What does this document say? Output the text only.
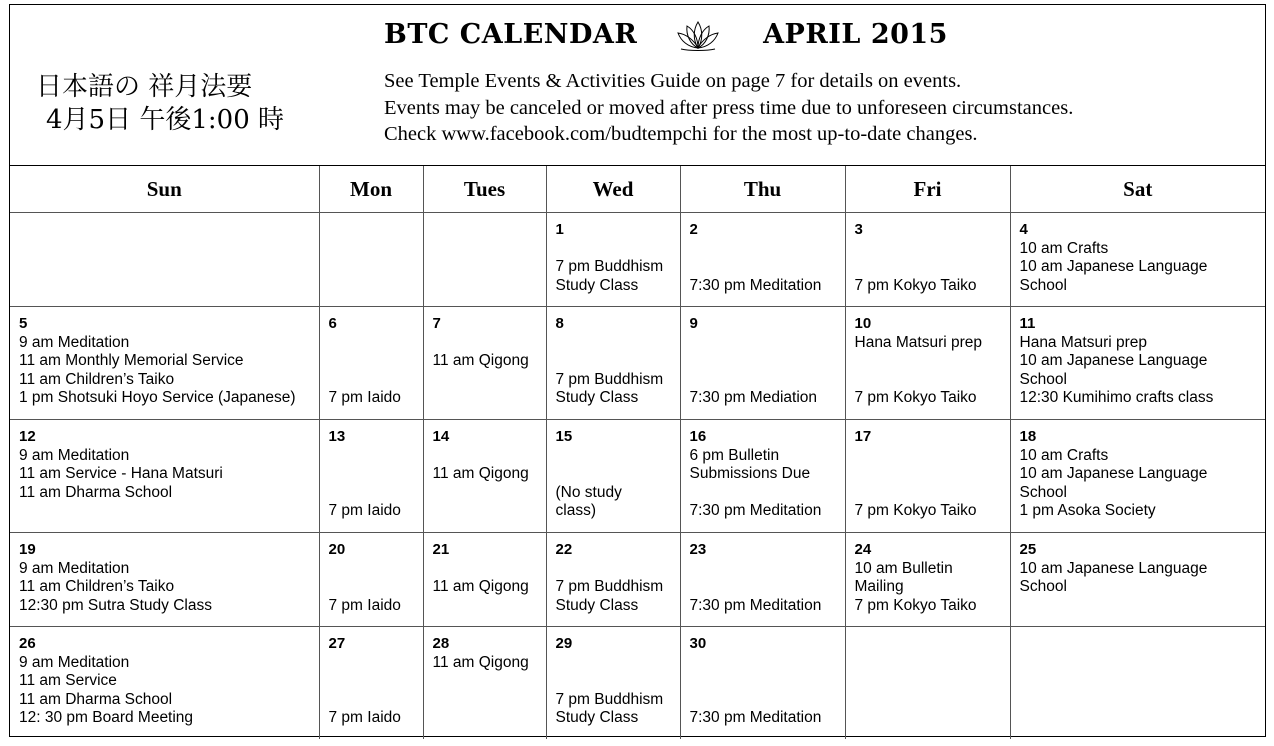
BTC CALENDAR	APRIL 2015
日本語の 祥月法要
4月5日 午後1:00 時
See Temple Events & Activities Guide on page 7 for details on events.
Events may be canceled or moved after press time due to unforeseen circumstances.
Check www.facebook.com/budtempchi for the most up-to-date changes.
Sun	Mon	Tues	Wed	Thu	Fri	Sat

			1
7 pm Buddhism
Study Class	2
7:30 pm Meditation	3
7 pm Kokyo Taiko	4
10 am Crafts
10 am Japanese Language
School

5
9 am Meditation
11 am Monthly Memorial Service
11 am Children’s Taiko
1 pm Shotsuki Hoyo Service (Japanese)	6
7 pm Iaido	7
11 am Qigong	8
7 pm Buddhism
Study Class	9
7:30 pm Mediation	10
Hana Matsuri prep
7 pm Kokyo Taiko	11
Hana Matsuri prep
10 am Japanese Language
School
12:30 Kumihimo crafts class

12
9 am Meditation
11 am Service - Hana Matsuri
11 am Dharma School	13
7 pm Iaido	14
11 am Qigong	15
(No study
class)	16
6 pm Bulletin
Submissions Due
7:30 pm Meditation	17
7 pm Kokyo Taiko	18
10 am Crafts
10 am Japanese Language
School
1 pm Asoka Society

19
9 am Meditation
11 am Children’s Taiko
12:30 pm Sutra Study Class	20
7 pm Iaido	21
11 am Qigong	22
7 pm Buddhism
Study Class	23
7:30 pm Meditation	24
10 am Bulletin
Mailing
7 pm Kokyo Taiko	25
10 am Japanese Language
School

26
9 am Meditation
11 am Service
11 am Dharma School
12: 30 pm Board Meeting	27
7 pm Iaido	28
11 am Qigong	29
7 pm Buddhism
Study Class	30
7:30 pm Meditation		
